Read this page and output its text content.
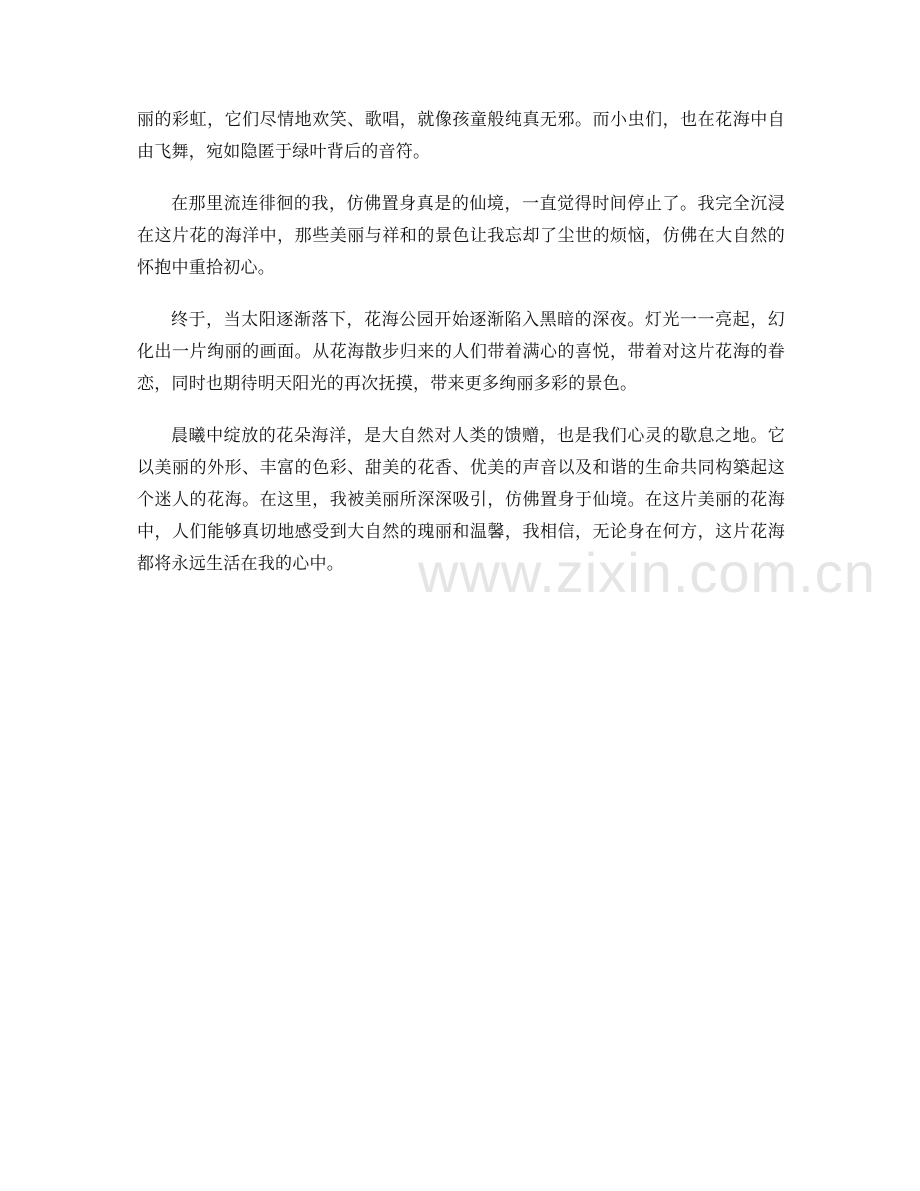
丽的彩虹，它们尽情地欢笑、歌唱，就像孩童般纯真无邪。而小虫们，也在花海中自由飞舞，宛如隐匿于绿叶背后的音符。

在那里流连徘徊的我，仿佛置身真是的仙境，一直觉得时间停止了。我完全沉浸在这片花的海洋中，那些美丽与祥和的景色让我忘却了尘世的烦恼，仿佛在大自然的怀抱中重拾初心。

终于，当太阳逐渐落下，花海公园开始逐渐陷入黑暗的深夜。灯光一一亮起，幻化出一片绚丽的画面。从花海散步归来的人们带着满心的喜悦，带着对这片花海的眷恋，同时也期待明天阳光的再次抚摸，带来更多绚丽多彩的景色。

晨曦中绽放的花朵海洋，是大自然对人类的馈赠，也是我们心灵的歇息之地。它以美丽的外形、丰富的色彩、甜美的花香、优美的声音以及和谐的生命共同构築起这个迷人的花海。在这里，我被美丽所深深吸引，仿佛置身于仙境。在这片美丽的花海中，人们能够真切地感受到大自然的瑰丽和温馨，我相信，无论身在何方，这片花海都将永远生活在我的心中。	www.zixin.com.cn
